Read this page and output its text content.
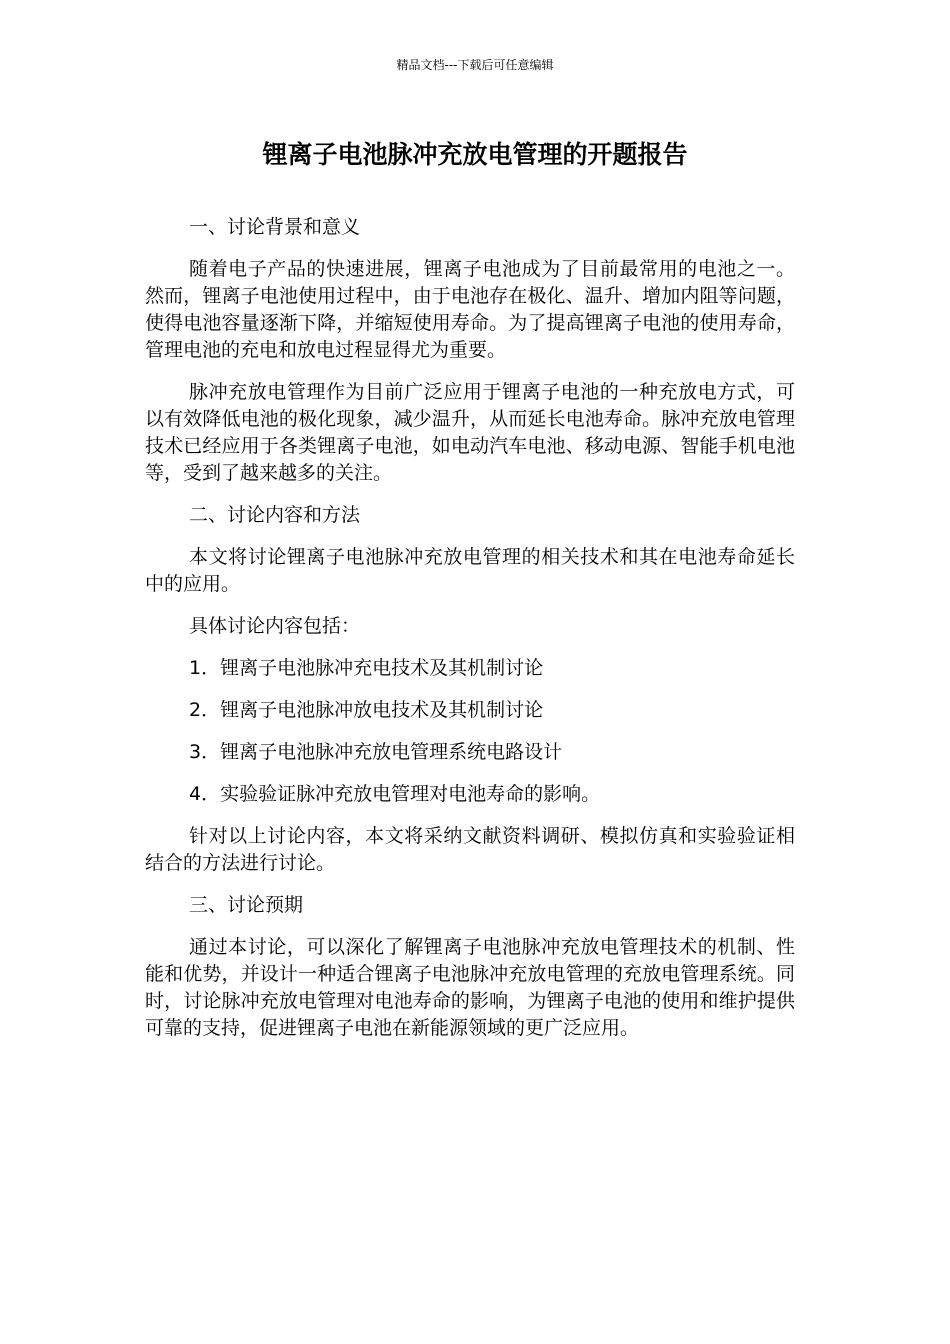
精品文档---下载后可任意编辑
锂离子电池脉冲充放电管理的开题报告
一、讨论背景和意义

随着电子产品的快速进展，锂离子电池成为了目前最常用的电池之一。然而，锂离子电池使用过程中，由于电池存在极化、温升、增加内阻等问题，使得电池容量逐渐下降，并缩短使用寿命。为了提高锂离子电池的使用寿命，管理电池的充电和放电过程显得尤为重要。

脉冲充放电管理作为目前广泛应用于锂离子电池的一种充放电方式，可以有效降低电池的极化现象，减少温升，从而延长电池寿命。脉冲充放电管理技术已经应用于各类锂离子电池，如电动汽车电池、移动电源、智能手机电池等，受到了越来越多的关注。

二、讨论内容和方法

本文将讨论锂离子电池脉冲充放电管理的相关技术和其在电池寿命延长中的应用。

具体讨论内容包括：
1．锂离子电池脉冲充电技术及其机制讨论
2．锂离子电池脉冲放电技术及其机制讨论
3．锂离子电池脉冲充放电管理系统电路设计
4．实验验证脉冲充放电管理对电池寿命的影响。

针对以上讨论内容，本文将采纳文献资料调研、模拟仿真和实验验证相结合的方法进行讨论。

三、讨论预期

通过本讨论，可以深化了解锂离子电池脉冲充放电管理技术的机制、性能和优势，并设计一种适合锂离子电池脉冲充放电管理的充放电管理系统。同时，讨论脉冲充放电管理对电池寿命的影响，为锂离子电池的使用和维护提供可靠的支持，促进锂离子电池在新能源领域的更广泛应用。
